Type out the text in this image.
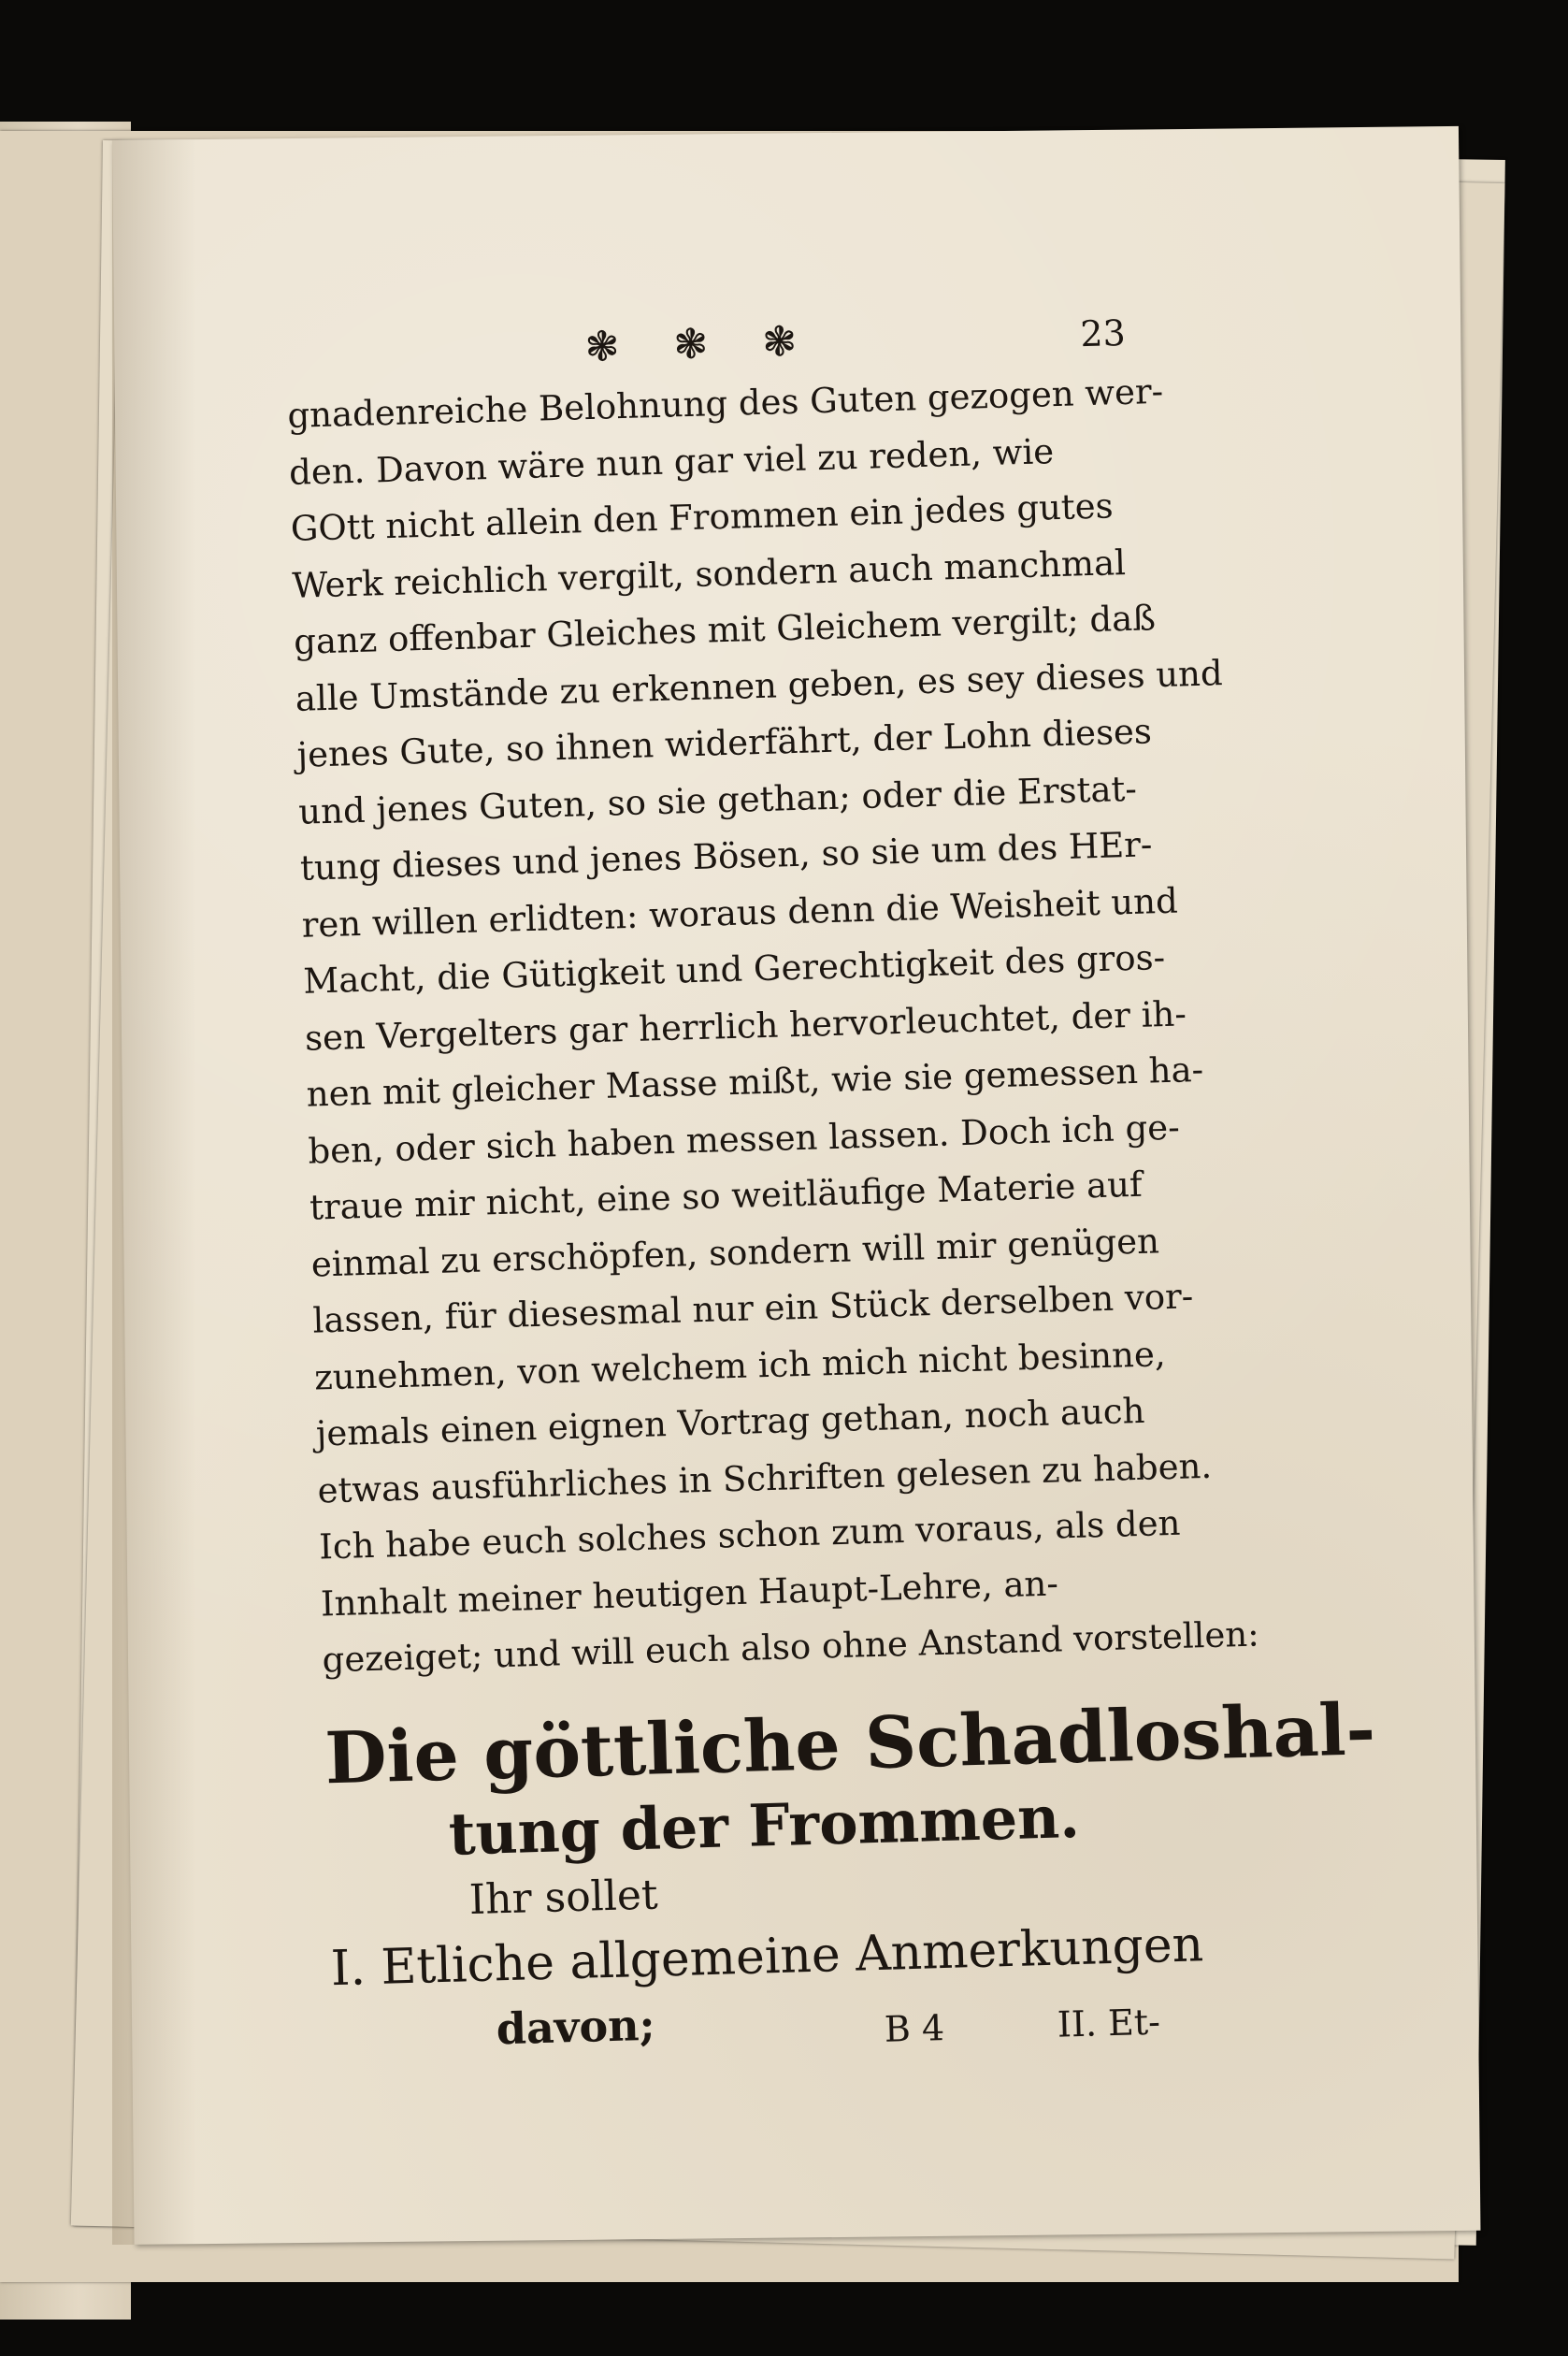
❃ ❃ ❃	23

gnadenreiche Belohnung des Guten gezogen wer-

den. Davon wäre nun gar viel zu reden, wie

GOtt nicht allein den Frommen ein jedes gutes

Werk reichlich vergilt, sondern auch manchmal

ganz offenbar Gleiches mit Gleichem vergilt; daß

alle Umstände zu erkennen geben, es sey dieses und

jenes Gute, so ihnen widerfährt, der Lohn dieses

und jenes Guten, so sie gethan; oder die Erstat-

tung dieses und jenes Bösen, so sie um des HEr-

ren willen erlidten: woraus denn die Weisheit und

Macht, die Gütigkeit und Gerechtigkeit des gros-

sen Vergelters gar herrlich hervorleuchtet, der ih-

nen mit gleicher Masse mißt, wie sie gemessen ha-

ben, oder sich haben messen lassen. Doch ich ge-

traue mir nicht, eine so weitläufige Materie auf

einmal zu erschöpfen, sondern will mir genügen

lassen, für diesesmal nur ein Stück derselben vor-

zunehmen, von welchem ich mich nicht besinne,

jemals einen eignen Vortrag gethan, noch auch

etwas ausführliches in Schriften gelesen zu haben.

Ich habe euch solches schon zum voraus, als den

Innhalt meiner heutigen Haupt-Lehre, an-

gezeiget; und will euch also ohne Anstand vorstellen:

Die göttliche Schadloshal-
tung der Frommen.
Ihr sollet
I. Etliche allgemeine Anmerkungen
davon;	B 4	II. Et-
